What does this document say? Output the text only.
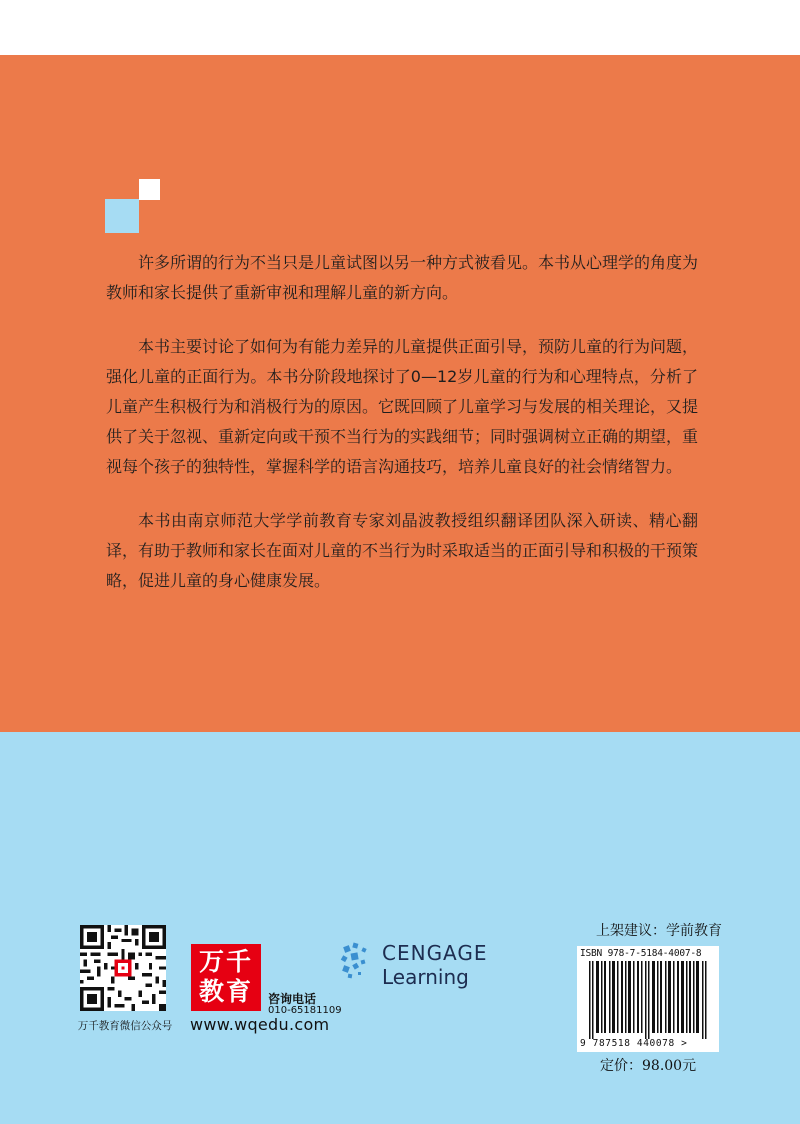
许多所谓的行为不当只是儿童试图以另一种方式被看见。本书从心理学的角度为教师和家长提供了重新审视和理解儿童的新方向。

本书主要讨论了如何为有能力差异的儿童提供正面引导，预防儿童的行为问题，强化儿童的正面行为。本书分阶段地探讨了0—12岁儿童的行为和心理特点，分析了儿童产生积极行为和消极行为的原因。它既回顾了儿童学习与发展的相关理论，又提供了关于忽视、重新定向或干预不当行为的实践细节；同时强调树立正确的期望，重视每个孩子的独特性，掌握科学的语言沟通技巧，培养儿童良好的社会情绪智力。

本书由南京师范大学学前教育专家刘晶波教授组织翻译团队深入研读、精心翻译，有助于教师和家长在面对儿童的不当行为时采取适当的正面引导和积极的干预策略，促进儿童的身心健康发展。

万千教育微信公众号
万千
教育	咨询电话
010-65181109
www.wqedu.com
CENGAGE
Learning
上架建议：学前教育
ISBN 978-7-5184-4007-8
9 787518 440078 >
定价：98.00元
